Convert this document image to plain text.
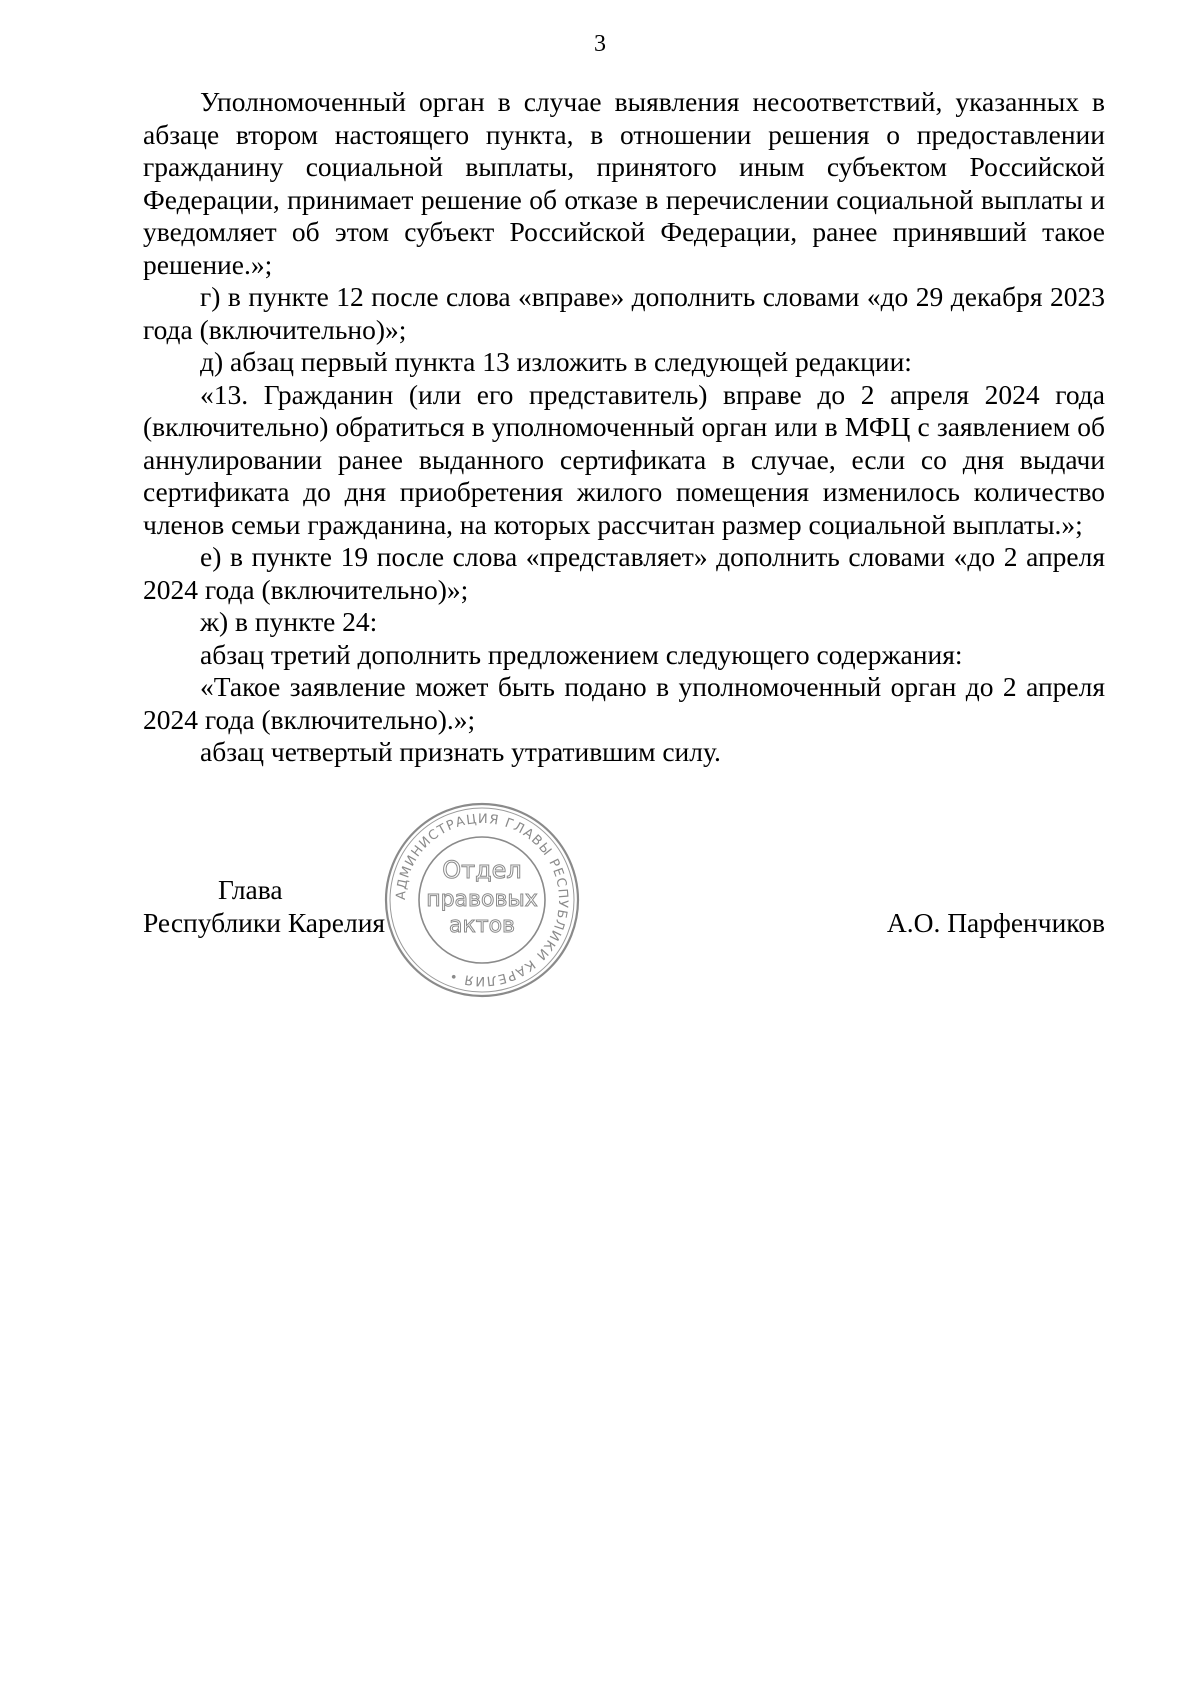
3

Уполномоченный орган в случае выявления несоответствий, указанных в абзаце втором настоящего пункта, в отношении решения о предоставлении гражданину социальной выплаты, принятого иным субъектом Российской Федерации, принимает решение об отказе в перечислении социальной выплаты и уведомляет об этом субъект Российской Федерации, ранее принявший такое решение.»;

г) в пункте 12 после слова «вправе» дополнить словами «до 29 декабря 2023 года (включительно)»;

д) абзац первый пункта 13 изложить в следующей редакции:

«13. Гражданин (или его представитель) вправе до 2 апреля 2024 года (включительно) обратиться в уполномоченный орган или в МФЦ с заявлением об аннулировании ранее выданного сертификата в случае, если со дня выдачи сертификата до дня приобретения жилого помещения изменилось количество членов семьи гражданина, на которых рассчитан размер социальной выплаты.»;

е) в пункте 19 после слова «представляет» дополнить словами «до 2 апреля 2024 года (включительно)»;

ж) в пункте 24:

абзац третий дополнить предложением следующего содержания:

«Такое заявление может быть подано в уполномоченный орган до 2 апреля 2024 года (включительно).»;

абзац четвертый признать утратившим силу.

Глава
Республики Карелия	А.О. Парфенчиков
АДМИНИСТРАЦИЯ ГЛАВЫ РЕСПУБЛИКИ КАРЕЛИЯ •
Отдел
правовых
актов
